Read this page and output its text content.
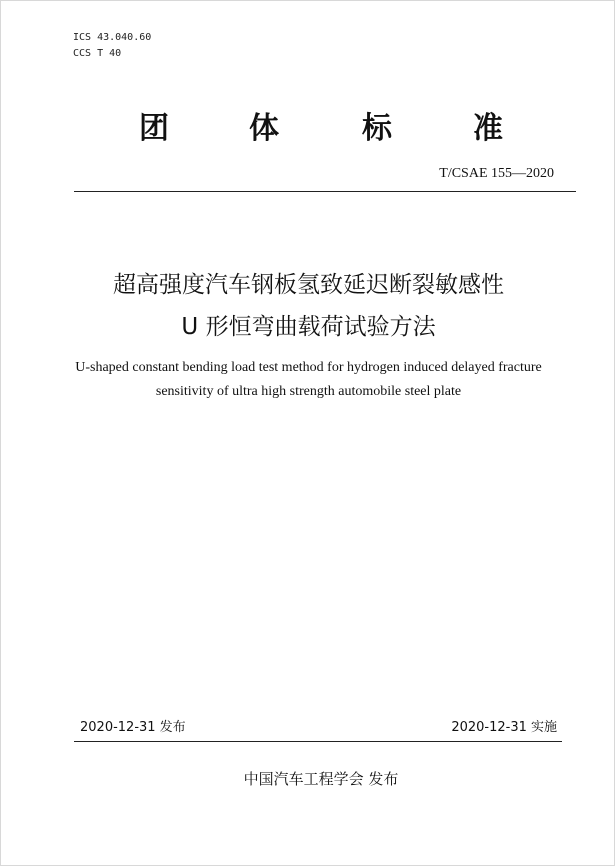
ICS 43.040.60
CCS T 40
团	体	标	准
T/CSAE 155—2020
超高强度汽车钢板氢致延迟断裂敏感性
U 形恒弯曲载荷试验方法
U-shaped constant bending load test method for hydrogen induced delayed fracture
sensitivity of ultra high strength automobile steel plate
2020-12-31 发布	2020-12-31 实施
中国汽车工程学会 发布
